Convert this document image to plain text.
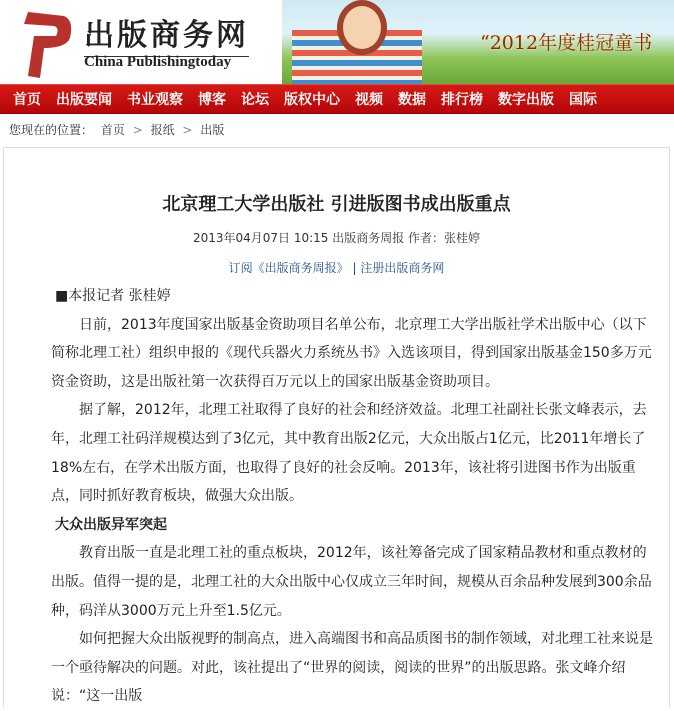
出版商务网
China Publishingtoday
“2012年度桂冠童书
首页 出版要闻 书业观察 博客 论坛 版权中心 视频 数据 排行榜 数字出版 国际
您现在的位置： 首页 > 报纸 > 出版
北京理工大学出版社 引进版图书成出版重点
2013年04月07日 10:15 出版商务周报 作者：张桂婷
订阅《出版商务周报》 | 注册出版商务网

■本报记者 张桂婷

日前，2013年度国家出版基金资助项目名单公布，北京理工大学出版社学术出版中心（以下简称北理工社）组织申报的《现代兵器火力系统丛书》入选该项目，得到国家出版基金150多万元资金资助，这是出版社第一次获得百万元以上的国家出版基金资助项目。

据了解，2012年，北理工社取得了良好的社会和经济效益。北理工社副社长张文峰表示，去年，北理工社码洋规模达到了3亿元，其中教育出版2亿元，大众出版占1亿元，比2011年增长了18%左右，在学术出版方面，也取得了良好的社会反响。2013年，该社将引进图书作为出版重点，同时抓好教育板块，做强大众出版。

大众出版异军突起

教育出版一直是北理工社的重点板块，2012年，该社筹备完成了国家精品教材和重点教材的出版。值得一提的是，北理工社的大众出版中心仅成立三年时间，规模从百余品种发展到300余品种，码洋从3000万元上升至1.5亿元。

如何把握大众出版视野的制高点，进入高端图书和高品质图书的制作领域，对北理工社来说是一个亟待解决的问题。对此，该社提出了“世界的阅读，阅读的世界”的出版思路。张文峰介绍说：“这一出版
